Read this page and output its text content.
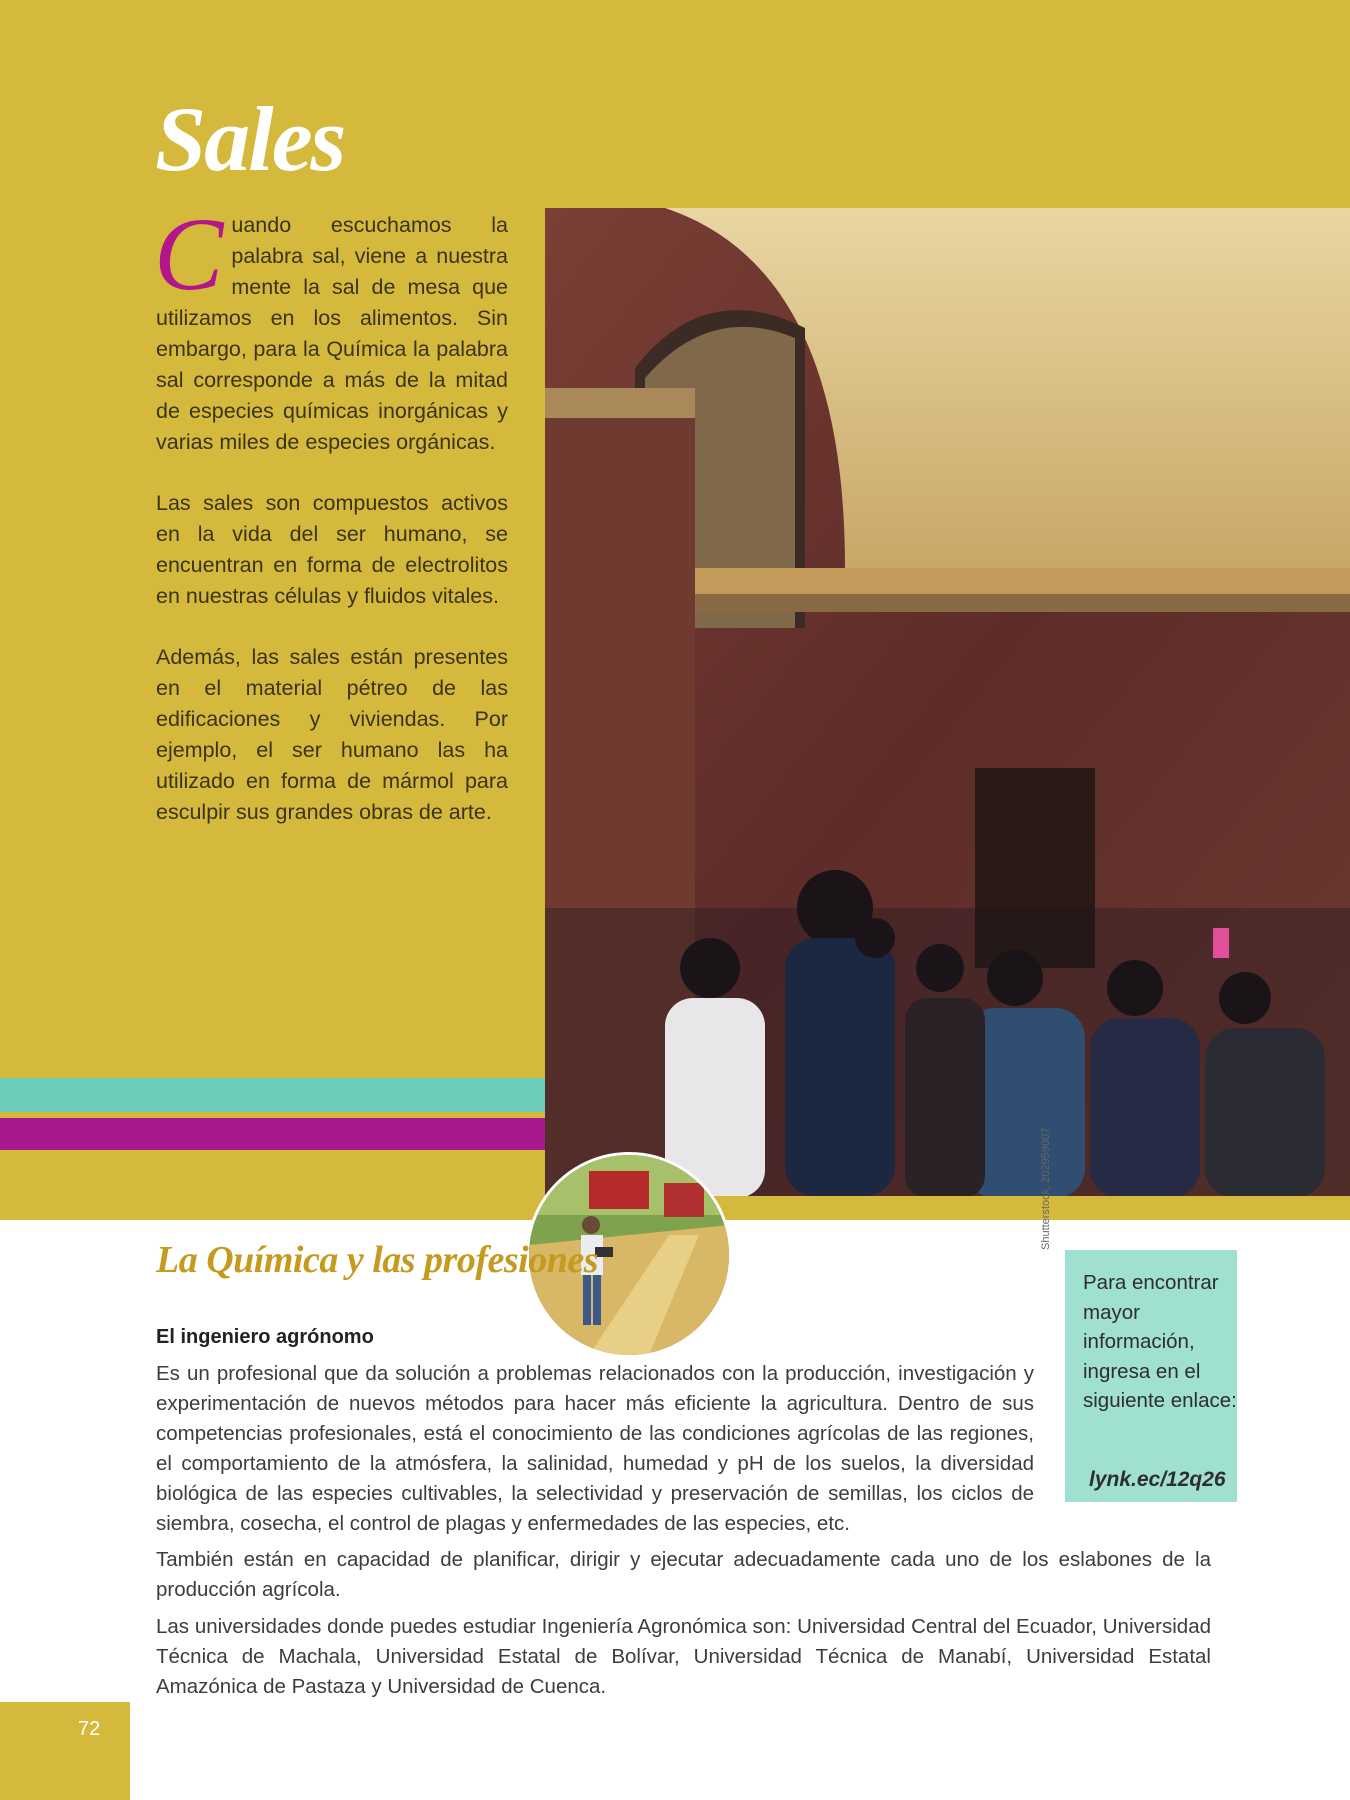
Sales

Cuando escuchamos la palabra sal, viene a nuestra mente la sal de mesa que utilizamos en los alimentos. Sin embargo, para la Química la palabra sal corresponde a más de la mitad de especies químicas inorgánicas y varias miles de especies orgánicas.

Las sales son compuestos activos en la vida del ser humano, se encuentran en forma de electrolitos en nuestras células y fluidos vitales.

Además, las sales están presentes en el material pétreo de las edificaciones y viviendas. Por ejemplo, el ser humano las ha utilizado en forma de mármol para esculpir sus grandes obras de arte.

Shutterstock, 202959007
La Química y las profesiones
El ingeniero agrónomo

Es un profesional que da solución a problemas relacionados con la producción, investigación y experimentación de nuevos métodos para hacer más eficiente la agricultura. Dentro de sus competencias profesionales, está el conocimiento de las condiciones agrícolas de las regiones, el comportamiento de la atmósfera, la salinidad, humedad y pH de los suelos, la diversidad biológica de las especies cultivables, la selectividad y preservación de semillas, los ciclos de siembra, cosecha, el control de plagas y enfermedades de las especies, etc.

También están en capacidad de planificar, dirigir y ejecutar adecuadamente cada uno de los eslabones de la producción agrícola.

Las universidades donde puedes estudiar Ingeniería Agronómica son: Universidad Central del Ecuador, Universidad Técnica de Machala, Universidad Estatal de Bolívar, Universidad Técnica de Manabí, Universidad Estatal Amazónica de Pastaza y Universidad de Cuenca.

Para encontrar mayor información, ingresa en el siguiente enlace:

lynk.ec/12q26
72
